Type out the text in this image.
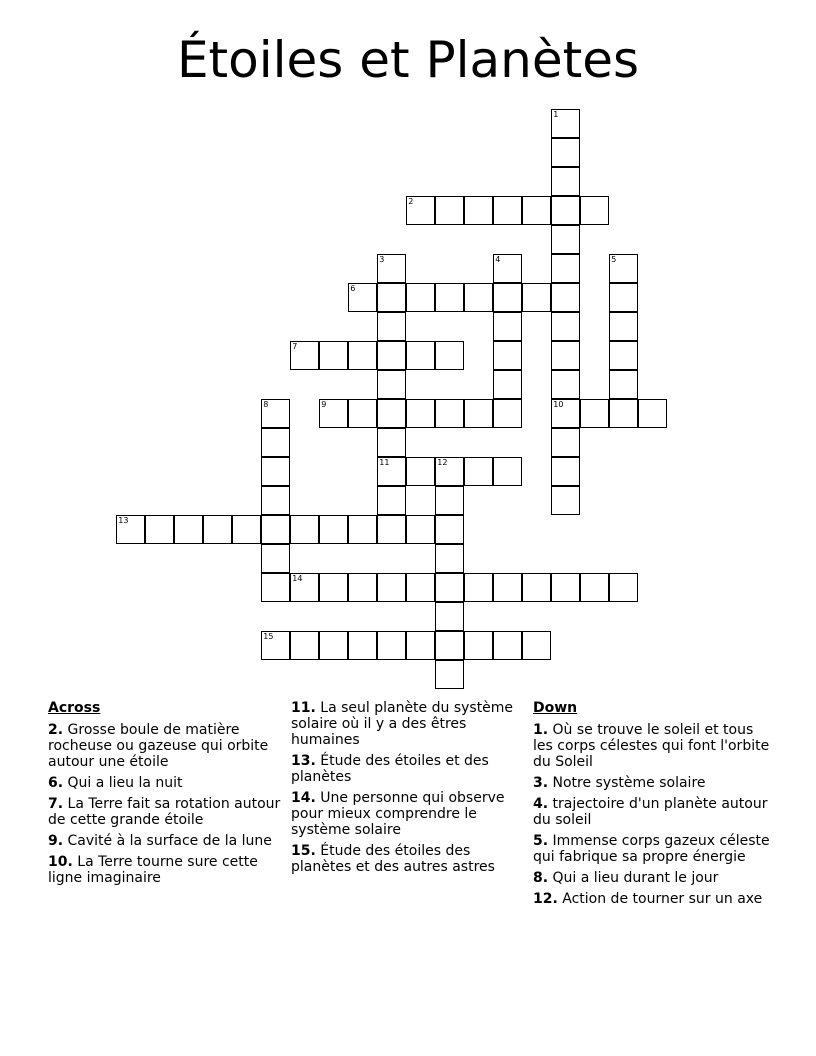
Étoiles et Planètes
1
10
2
3
11
4	5
6
7
8	9
12
13
14
15
Across
2. Grosse boule de matière rocheuse ou gazeuse qui orbite autour une étoile
6. Qui a lieu la nuit
7. La Terre fait sa rotation autour de cette grande étoile
9. Cavité à la surface de la lune
10. La Terre tourne sure cette ligne imaginaire
11. La seul planète du système solaire où il y a des êtres humaines
13. Étude des étoiles et des planètes
14. Une personne qui observe pour mieux comprendre le système solaire
15. Étude des étoiles des planètes et des autres astres
Down
1. Où se trouve le soleil et tous les corps célestes qui font l'orbite du Soleil
3. Notre système solaire
4. trajectoire d'un planète autour du soleil
5. Immense corps gazeux céleste qui fabrique sa propre énergie
8. Qui a lieu durant le jour
12. Action de tourner sur un axe
